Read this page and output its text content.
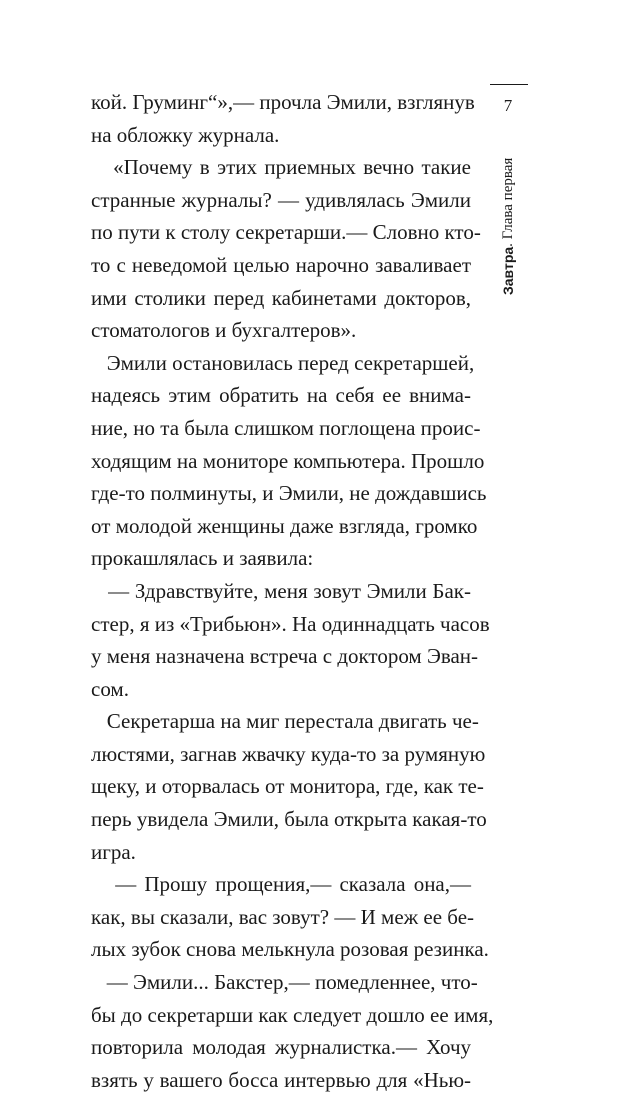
7
Завтра. Глава первая
кой. Груминг“»,— прочла Эмили, взглянув
на обложку журнала.
«Почему в этих приемных вечно такие
странные журналы? — удивлялась Эмили
по пути к столу секретарши.— Словно кто-
то с неведомой целью нарочно заваливает
ими столики перед кабинетами докторов,
стоматологов и бухгалтеров».
Эмили остановилась перед секретаршей,
надеясь этим обратить на себя ее внима-
ние, но та была слишком поглощена проис-
ходящим на мониторе компьютера. Прошло
где-то полминуты, и Эмили, не дождавшись
от молодой женщины даже взгляда, громко
прокашлялась и заявила:
— Здравствуйте, меня зовут Эмили Бак-
стер, я из «Трибьюн». На одиннадцать часов
у меня назначена встреча с доктором Эван-
сом.
Секретарша на миг перестала двигать че-
люстями, загнав жвачку куда-то за румяную
щеку, и оторвалась от монитора, где, как те-
перь увидела Эмили, была открыта какая-то
игра.
— Прошу прощения,— сказала она,—
как, вы сказали, вас зовут? — И меж ее бе-
лых зубок снова мелькнула розовая резинка.
— Эмили... Бакстер,— помедленнее, что-
бы до секретарши как следует дошло ее имя,
повторила молодая журналистка.— Хочу
взять у вашего босса интервью для «Нью-
